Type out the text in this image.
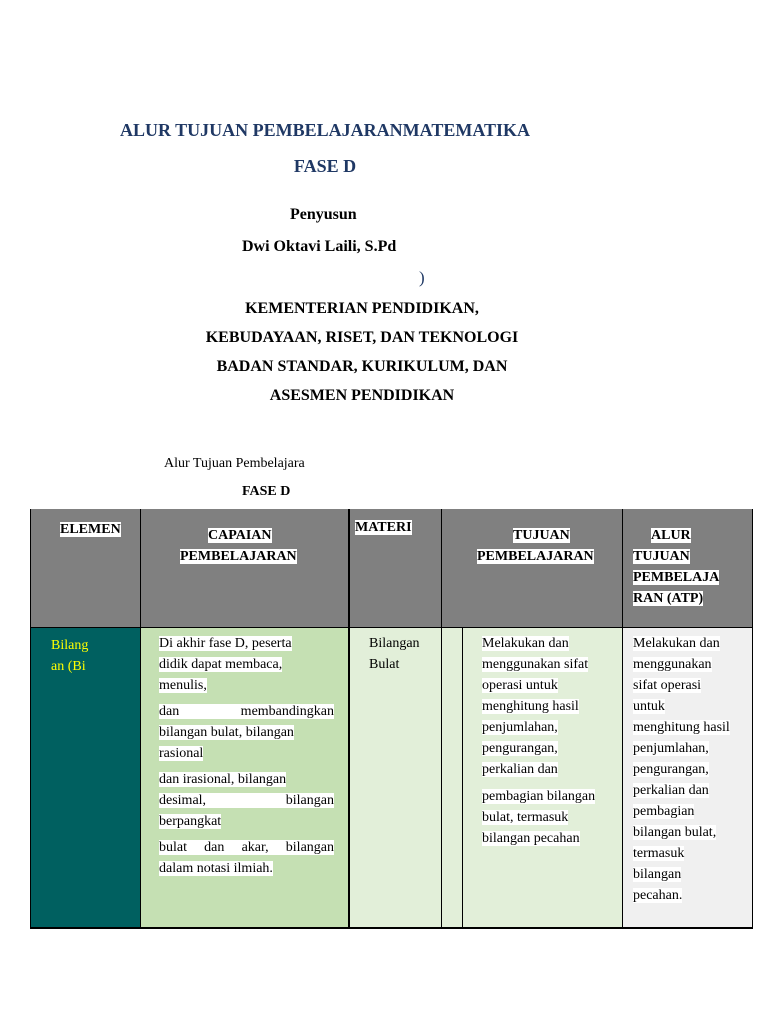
ALUR TUJUAN PEMBELAJARANMATEMATIKA
FASE D
Penyusun
Dwi Oktavi Laili, S.Pd
)
KEMENTERIAN PENDIDIKAN,
KEBUDAYAAN, RISET, DAN TEKNOLOGI
BADAN STANDAR, KURIKULUM, DAN
ASESMEN PENDIDIKAN
Alur Tujuan Pembelajara
FASE D
ELEMEN	CAPAIAN
PEMBELAJARAN
MATERI
TUJUAN
PEMBELAJARAN
ALUR
TUJUAN
PEMBELAJA
RAN (ATP)
Bilang
an (Bi
Di akhir fase D, peserta
didik dapat membaca,
menulis,
dan membandingkan
bilangan bulat, bilangan
rasional
dan irasional, bilangan
desimal, bilangan
berpangkat
bulat dan akar, bilangan
dalam notasi ilmiah.
Bilangan
Bulat
Melakukan dan
menggunakan sifat
operasi untuk
menghitung hasil
penjumlahan,
pengurangan,
perkalian dan
pembagian bilangan
bulat, termasuk
bilangan pecahan
Melakukan dan
menggunakan
sifat operasi
untuk
menghitung hasil
penjumlahan,
pengurangan,
perkalian dan
pembagian
bilangan bulat,
termasuk
bilangan
pecahan.
